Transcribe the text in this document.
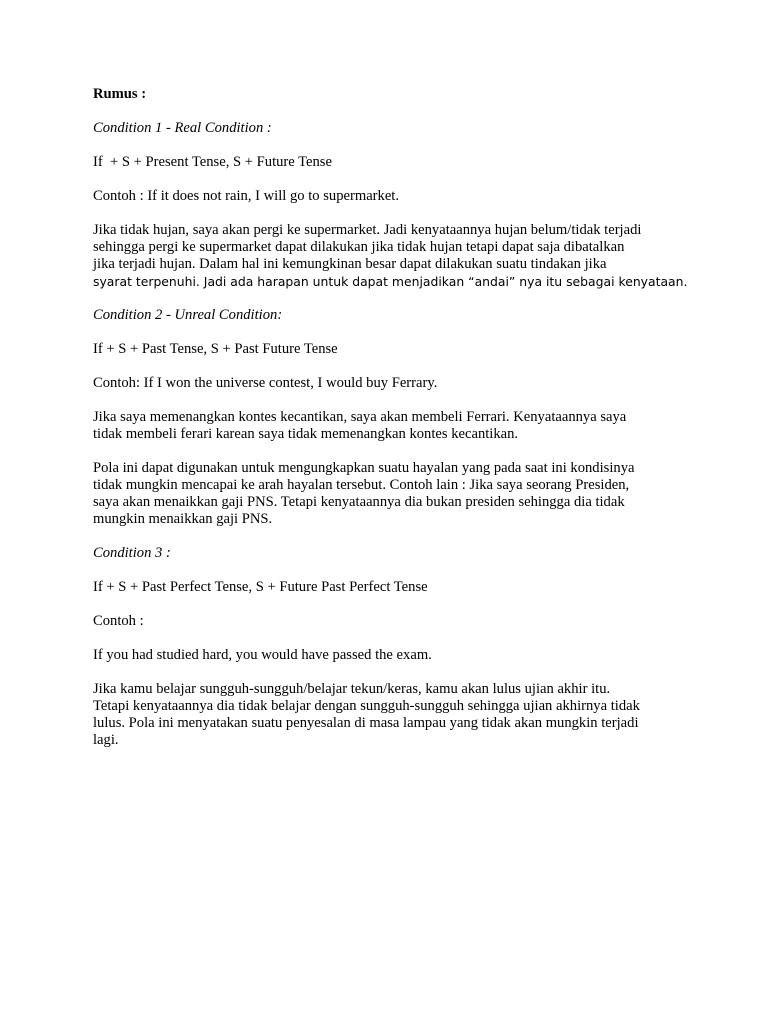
Rumus :

Condition 1 - Real Condition :

If  + S + Present Tense, S + Future Tense

Contoh : If it does not rain, I will go to supermarket.

Jika tidak hujan, saya akan pergi ke supermarket. Jadi kenyataannya hujan belum/tidak terjadi
sehingga pergi ke supermarket dapat dilakukan jika tidak hujan tetapi dapat saja dibatalkan
jika terjadi hujan. Dalam hal ini kemungkinan besar dapat dilakukan suatu tindakan jika
syarat terpenuhi. Jadi ada harapan untuk dapat menjadikan “andai” nya itu sebagai kenyataan.

Condition 2 - Unreal Condition:

If + S + Past Tense, S + Past Future Tense

Contoh: If I won the universe contest, I would buy Ferrary.

Jika saya memenangkan kontes kecantikan, saya akan membeli Ferrari. Kenyataannya saya
tidak membeli ferari karean saya tidak memenangkan kontes kecantikan.

Pola ini dapat digunakan untuk mengungkapkan suatu hayalan yang pada saat ini kondisinya
tidak mungkin mencapai ke arah hayalan tersebut. Contoh lain : Jika saya seorang Presiden,
saya akan menaikkan gaji PNS. Tetapi kenyataannya dia bukan presiden sehingga dia tidak
mungkin menaikkan gaji PNS.

Condition 3 :

If + S + Past Perfect Tense, S + Future Past Perfect Tense

Contoh :

If you had studied hard, you would have passed the exam.

Jika kamu belajar sungguh-sungguh/belajar tekun/keras, kamu akan lulus ujian akhir itu.
Tetapi kenyataannya dia tidak belajar dengan sungguh-sungguh sehingga ujian akhirnya tidak
lulus. Pola ini menyatakan suatu penyesalan di masa lampau yang tidak akan mungkin terjadi
lagi.
